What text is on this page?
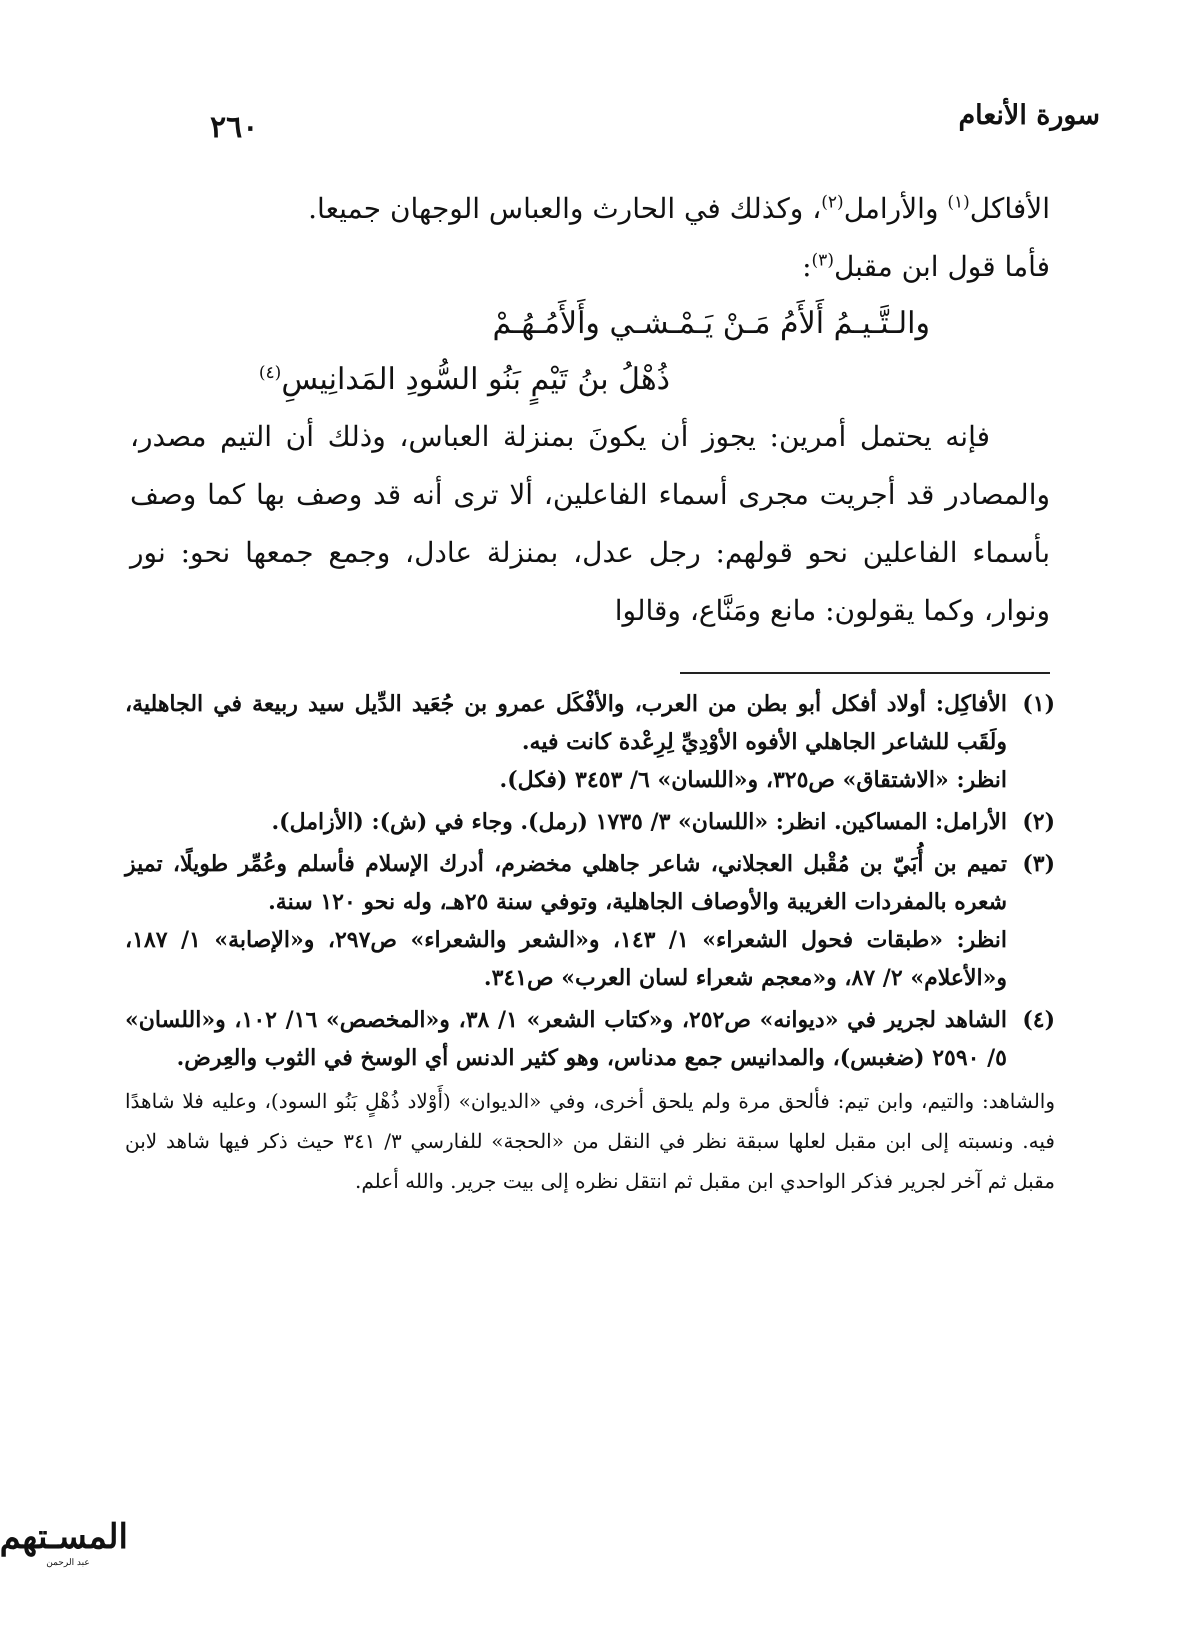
سورة الأنعام
٢٦٠

الأفاكل$^{(١)}$ والأرامل$^{(٢)}$، وكذلك في الحارث والعباس الوجهان جميعا.

فأما قول ابن مقبل$^{(٣)}$:

والـتَّـيـمُ أَلأَمُ مَـنْ يَـمْـشـي وأَلأَمُـهُـمْ

ذُهْلُ بنُ تَيْمٍ بَنُو السُّودِ المَدانِيسِ$^{(٤)}$

فإنه يحتمل أمرين: يجوز أن يكونَ بمنزلة العباس، وذلك أن التيم مصدر، والمصادر قد أجريت مجرى أسماء الفاعلين، ألا ترى أنه قد وصف بها كما وصف بأسماء الفاعلين نحو قولهم: رجل عدل، بمنزلة عادل، وجمع جمعها نحو: نور ونوار، وكما يقولون: مانع ومَنَّاع، وقالوا

(١)
الأفاكِل: أولاد أفكل أبو بطن من العرب، والأفْكَل عمرو بن جُعَيد الدِّيل سيد ربيعة في الجاهلية، ولَقَب للشاعر الجاهلي الأفوه الأوْدِيِّ لِرِعْدة كانت فيه.
انظر: «الاشتقاق» ص٣٢٥، و«اللسان» ٦/ ٣٤٥٣ (فكل).
(٢)
الأرامل: المساكين. انظر: «اللسان» ٣/ ١٧٣٥ (رمل). وجاء في (ش): (الأزامل).
(٣)
تميم بن أُبَيّ بن مُقْبل العجلاني، شاعر جاهلي مخضرم، أدرك الإسلام فأسلم وعُمِّر طويلًا، تميز شعره بالمفردات الغريبة والأوصاف الجاهلية، وتوفي سنة ٢٥هـ، وله نحو ١٢٠ سنة.
انظر: «طبقات فحول الشعراء» ١/ ١٤٣، و«الشعر والشعراء» ص٢٩٧، و«الإصابة» ١/ ١٨٧، و«الأعلام» ٢/ ٨٧، و«معجم شعراء لسان العرب» ص٣٤١.
(٤)
الشاهد لجرير في «ديوانه» ص٢٥٢، و«كتاب الشعر» ١/ ٣٨، و«المخصص» ١٦/ ١٠٢، و«اللسان» ٥/ ٢٥٩٠ (ضغبس)، والمدانيس جمع مدناس، وهو كثير الدنس أي الوسخ في الثوب والعِرض.

والشاهد: والتيم، وابن تيم: فألحق مرة ولم يلحق أخرى، وفي «الديوان» (أَوْلاد ذُهْلٍ بَنُو السود)، وعليه فلا شاهدًا فيه. ونسبته إلى ابن مقبل لعلها سبقة نظر في النقل من «الحجة» للفارسي ٣/ ٣٤١ حيث ذكر فيها شاهد لابن مقبل ثم آخر لجرير فذكر الواحدي ابن مقبل ثم انتقل نظره إلى بيت جرير. والله أعلم.

المسـتهم
عبد الرحمن
